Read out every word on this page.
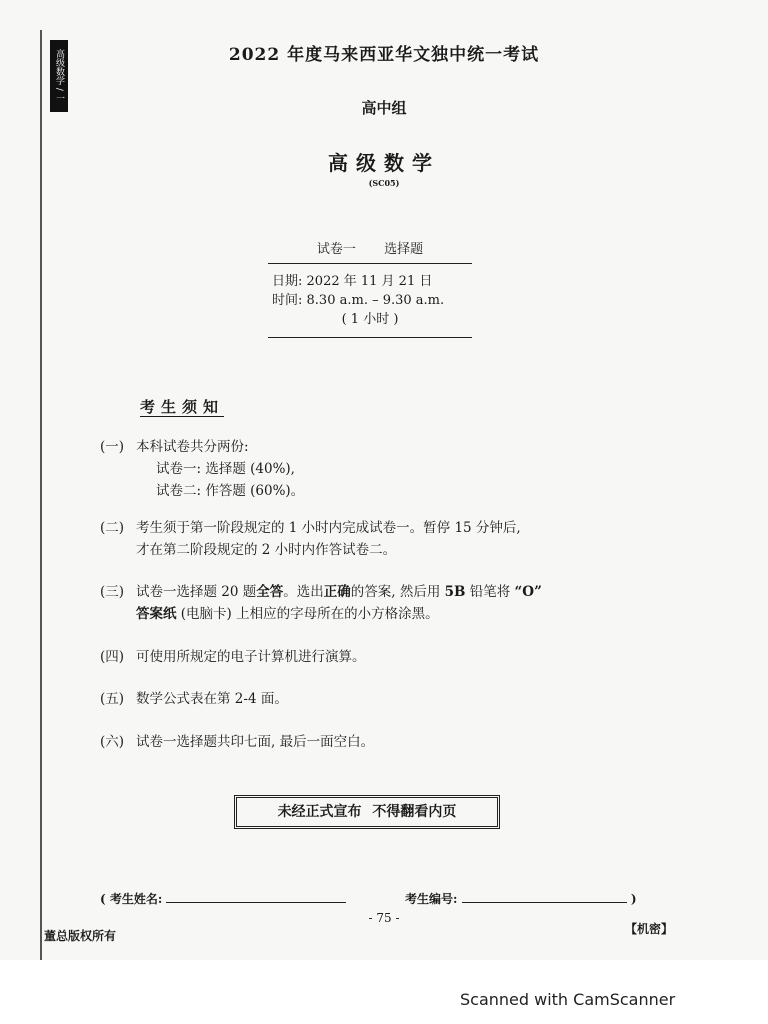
高级数学 / 一	2022 年度马来西亚华文独中统一考试
高中组
高级数学
(SC05)
试卷一 选择题
日期: 2022 年 11 月 21 日
时间: 8.30 a.m. – 9.30 a.m.
( 1 小时 )
考生须知
(一) 本科试卷共分两份:
试卷一: 选择题 (40%),
试卷二: 作答题 (60%)。
(二) 考生须于第一阶段规定的 1 小时内完成试卷一。暂停 15 分钟后,
才在第二阶段规定的 2 小时内作答试卷二。
(三) 试卷一选择题 20 题全答。选出正确的答案, 然后用 5B 铅笔将 “O”
答案纸 (电脑卡) 上相应的字母所在的小方格涂黑。
(四) 可使用所规定的电子计算机进行演算。
(五) 数学公式表在第 2-4 面。
(六) 试卷一选择题共印七面, 最后一面空白。
未经正式宣布 不得翻看内页
( 考生姓名:	考生编号:	)
- 75 -
董总版权所有	【机密】
Scanned with CamScanner
